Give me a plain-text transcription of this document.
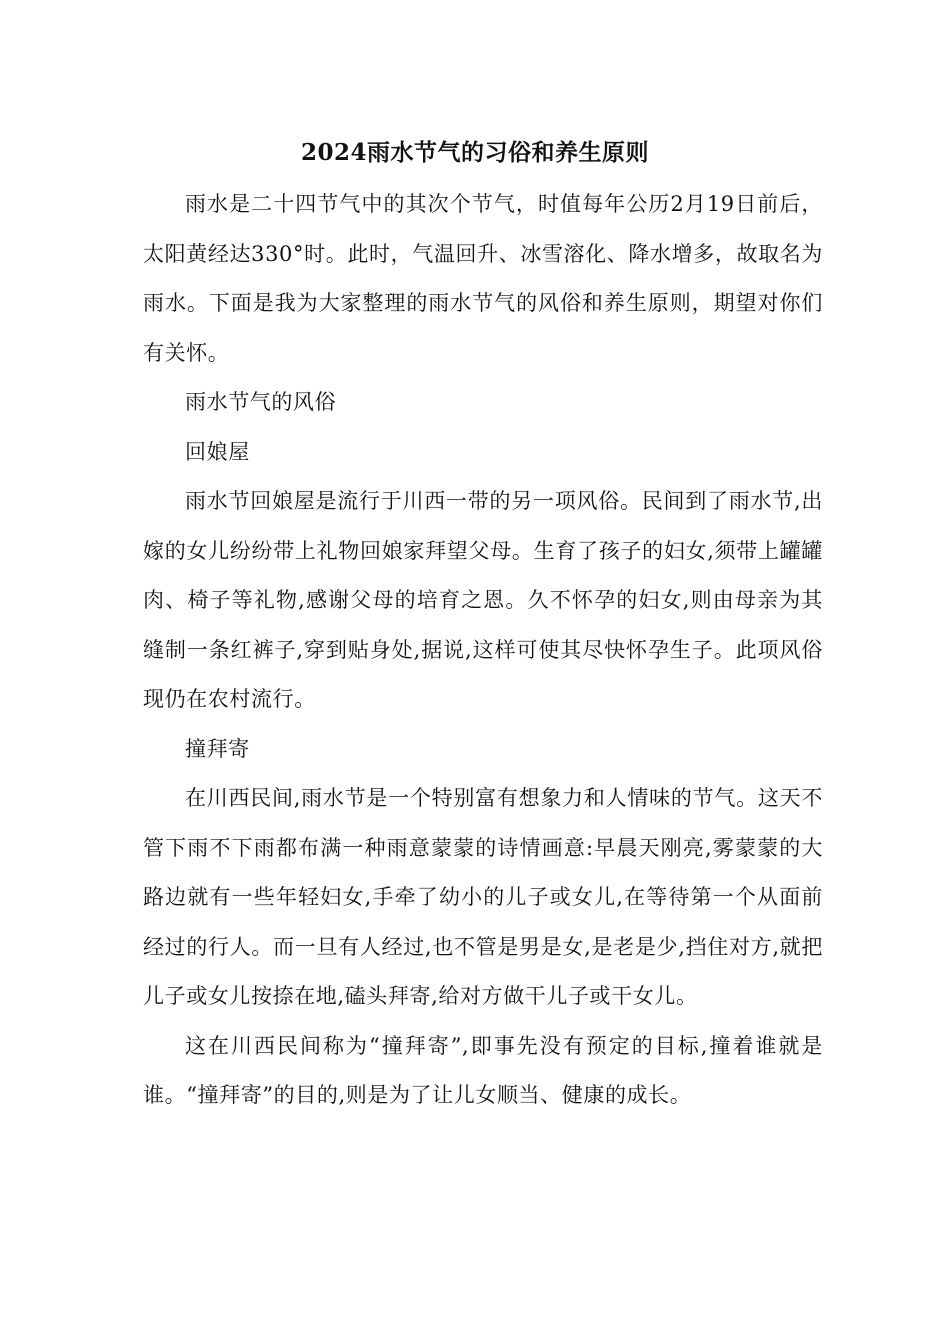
2024雨水节气的习俗和养生原则

雨水是二十四节气中的其次个节气，时值每年公历2月19日前后，太阳黄经达330°时。此时，气温回升、冰雪溶化、降水增多，故取名为雨水。下面是我为大家整理的雨水节气的风俗和养生原则，期望对你们有关怀。

雨水节气的风俗

回娘屋

雨水节回娘屋是流行于川西一带的另一项风俗。民间到了雨水节,出嫁的女儿纷纷带上礼物回娘家拜望父母。生育了孩子的妇女,须带上罐罐肉、椅子等礼物,感谢父母的培育之恩。久不怀孕的妇女,则由母亲为其缝制一条红裤子,穿到贴身处,据说,这样可使其尽快怀孕生子。此项风俗现仍在农村流行。

撞拜寄

在川西民间,雨水节是一个特别富有想象力和人情味的节气。这天不管下雨不下雨都布满一种雨意蒙蒙的诗情画意:早晨天刚亮,雾蒙蒙的大路边就有一些年轻妇女,手牵了幼小的儿子或女儿,在等待第一个从面前经过的行人。而一旦有人经过,也不管是男是女,是老是少,挡住对方,就把儿子或女儿按捺在地,磕头拜寄,给对方做干儿子或干女儿。

这在川西民间称为“撞拜寄”,即事先没有预定的目标,撞着谁就是谁。“撞拜寄”的目的,则是为了让儿女顺当、健康的成长。
